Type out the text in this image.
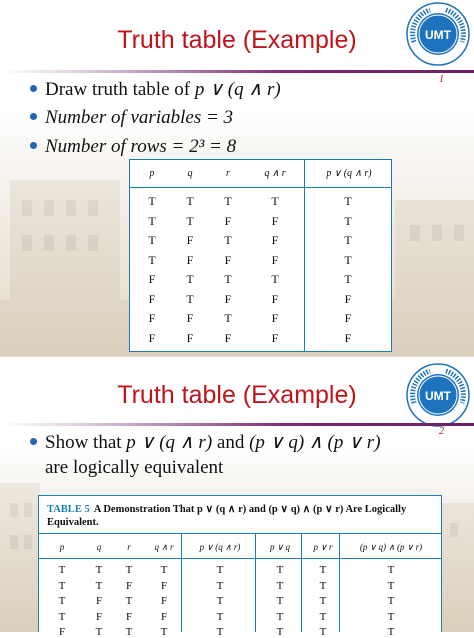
Truth table (Example)	UMT
1
Draw truth table of p ∨ (q ∧ r)
Number of variables = 3
Number of rows = 2³ = 8
p	q	r	q ∧ r	p ∨ (q ∧ r)
T	T	T	T	T
T	T	F	F	T
T	F	T	F	T
T	F	F	F	T
F	T	T	T	T
F	T	F	F	F
F	F	T	F	F
F	F	F	F	F
Truth table (Example)	UMT
2
Show that p ∨ (q ∧ r) and (p ∨ q) ∧ (p ∨ r)
are logically equivalent
TABLE 5 A Demonstration That p ∨ (q ∧ r) and (p ∨ q) ∧ (p ∨ r) Are Logically Equivalent.
p	q	r	q ∧ r	p ∨ (q ∧ r)	p ∨ q	p ∨ r	(p ∨ q) ∧ (p ∨ r)
T	T	T	T	T	T	T	T
T	T	F	F	T	T	T	T
T	F	T	F	T	T	T	T
T	F	F	F	T	T	T	T
F	T	T	T	T	T	T	T
